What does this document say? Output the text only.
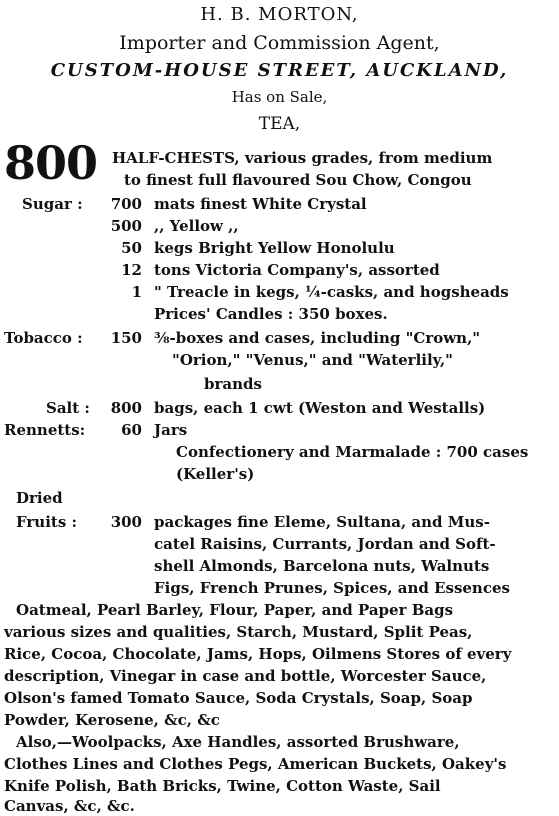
H. B. MORTON,
Importer and Commission Agent,
CUSTOM-HOUSE STREET, AUCKLAND,
Has on Sale,
TEA,
800 HALF-CHESTS, various grades, from medium
to finest full flavoured Sou Chow, Congou
Sugar :	700 mats finest White Crystal
500 ,, Yellow ,,
50 kegs Bright Yellow Honolulu
12 tons Victoria Company's, assorted
1 " Treacle in kegs, ¼-casks, and hogsheads
Prices' Candles : 350 boxes.
Tobacco :	150 ⅜-boxes and cases, including "Crown,"
"Orion," "Venus," and "Waterlily,"
brands
Salt :	800 bags, each 1 cwt (Weston and Westalls)
Rennetts:	60 Jars
Confectionery and Marmalade : 700 cases
(Keller's)
Dried
Fruits :	300 packages fine Eleme, Sultana, and Mus-
catel Raisins, Currants, Jordan and Soft-
shell Almonds, Barcelona nuts, Walnuts
Figs, French Prunes, Spices, and Essences
Oatmeal, Pearl Barley, Flour, Paper, and Paper Bags
various sizes and qualities, Starch, Mustard, Split Peas,
Rice, Cocoa, Chocolate, Jams, Hops, Oilmens Stores of every
description, Vinegar in case and bottle, Worcester Sauce,
Olson's famed Tomato Sauce, Soda Crystals, Soap, Soap
Powder, Kerosene, &c, &c
Also,—Woolpacks, Axe Handles, assorted Brushware,
Clothes Lines and Clothes Pegs, American Buckets, Oakey's
Knife Polish, Bath Bricks, Twine, Cotton Waste, Sail
Canvas, &c, &c.
